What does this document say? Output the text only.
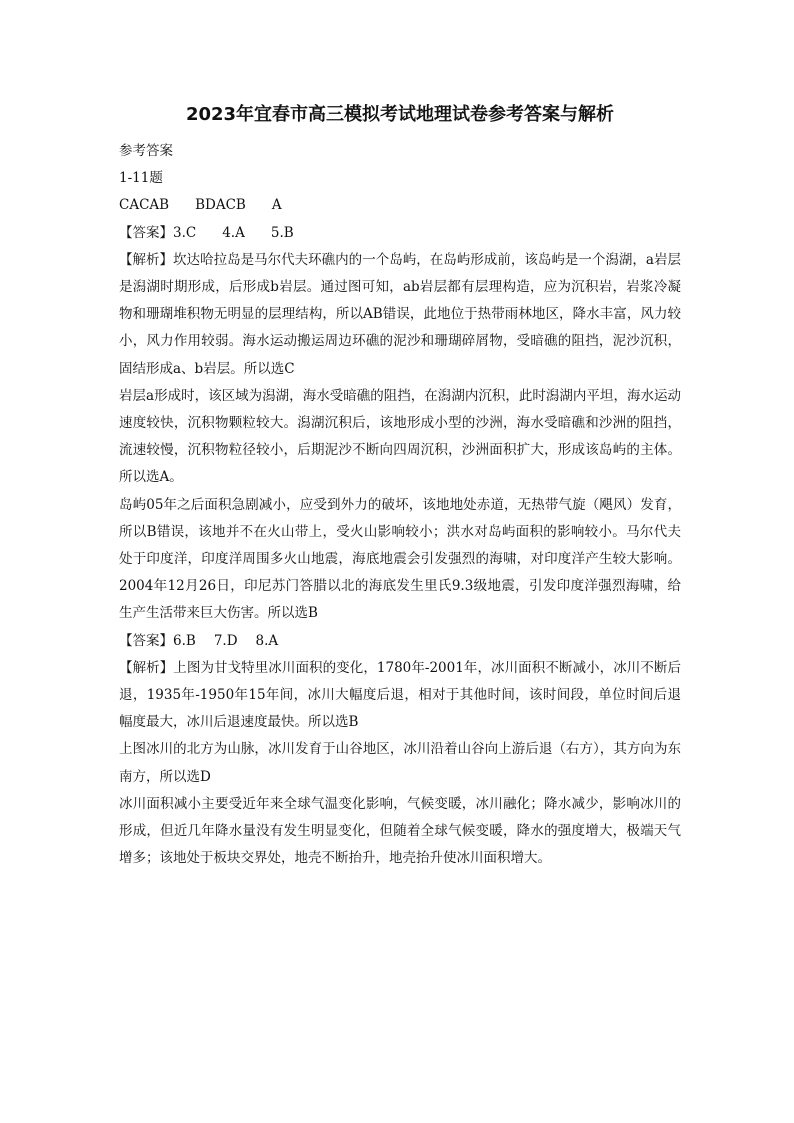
2023年宜春市高三模拟考试地理试卷参考答案与解析

参考答案

1-11题

CACAB BDACB A

【答案】3.C 4.A 5.B

【解析】坎达哈拉岛是马尔代夫环礁内的一个岛屿，在岛屿形成前，该岛屿是一个潟湖，a岩层是潟湖时期形成，后形成b岩层。通过图可知，ab岩层都有层理构造，应为沉积岩，岩浆冷凝物和珊瑚堆积物无明显的层理结构，所以AB错误，此地位于热带雨林地区，降水丰富，风力较小，风力作用较弱。海水运动搬运周边环礁的泥沙和珊瑚碎屑物，受暗礁的阻挡，泥沙沉积，固结形成a、b岩层。所以选C

岩层a形成时，该区域为潟湖，海水受暗礁的阻挡，在潟湖内沉积，此时潟湖内平坦，海水运动速度较快，沉积物颗粒较大。潟湖沉积后，该地形成小型的沙洲，海水受暗礁和沙洲的阻挡，流速较慢，沉积物粒径较小，后期泥沙不断向四周沉积，沙洲面积扩大，形成该岛屿的主体。所以选A。

岛屿05年之后面积急剧减小，应受到外力的破坏，该地地处赤道，无热带气旋（飓风）发育，所以B错误，该地并不在火山带上，受火山影响较小；洪水对岛屿面积的影响较小。马尔代夫处于印度洋，印度洋周围多火山地震，海底地震会引发强烈的海啸，对印度洋产生较大影响。2004年12月26日，印尼苏门答腊以北的海底发生里氏9.3级地震，引发印度洋强烈海啸，给生产生活带来巨大伤害。所以选B

【答案】6.B 7.D 8.A

【解析】上图为甘戈特里冰川面积的变化，1780年-2001年，冰川面积不断减小，冰川不断后退，1935年-1950年15年间，冰川大幅度后退，相对于其他时间，该时间段，单位时间后退幅度最大，冰川后退速度最快。所以选B

上图冰川的北方为山脉，冰川发育于山谷地区，冰川沿着山谷向上游后退（右方），其方向为东南方，所以选D

冰川面积减小主要受近年来全球气温变化影响，气候变暖，冰川融化；降水减少，影响冰川的形成，但近几年降水量没有发生明显变化，但随着全球气候变暖，降水的强度增大，极端天气增多；该地处于板块交界处，地壳不断抬升，地壳抬升使冰川面积增大。
